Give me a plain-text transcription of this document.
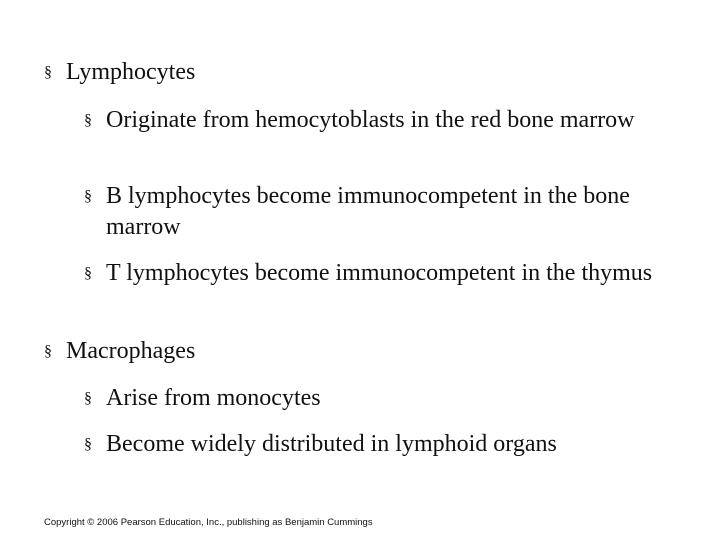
§ Lymphocytes
§ Originate from hemocytoblasts in the red bone marrow
§ B lymphocytes become immunocompetent in the bone marrow
§ T lymphocytes become immunocompetent in the thymus
§ Macrophages
§ Arise from monocytes
§ Become widely distributed in lymphoid organs
Copyright © 2006 Pearson Education, Inc., publishing as Benjamin Cummings
